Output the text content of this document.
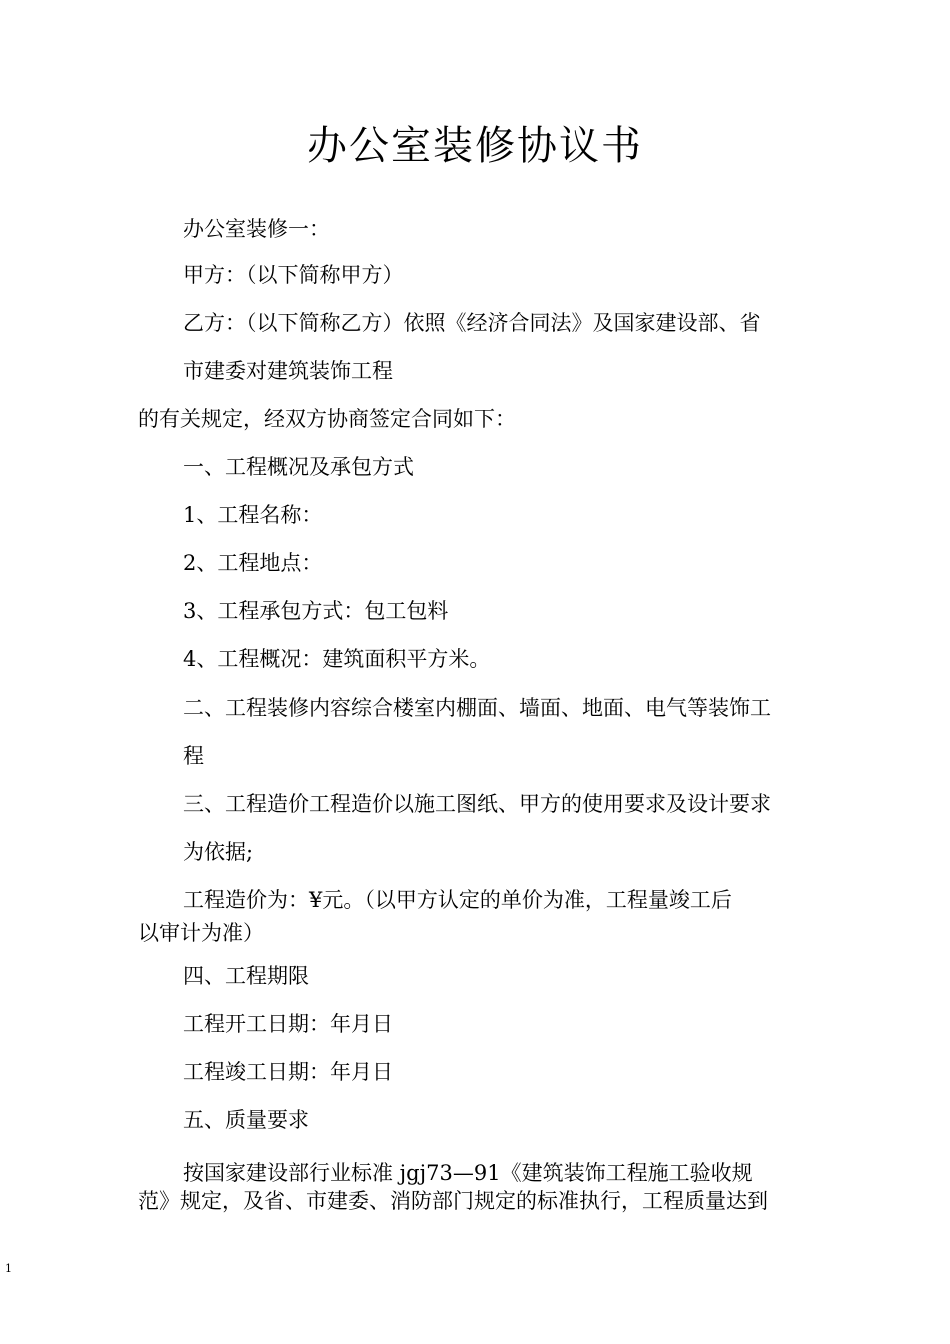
办公室装修协议书
办公室装修一：
甲方：（以下简称甲方）
乙方：（以下简称乙方）依照《经济合同法》及国家建设部、省
市建委对建筑装饰工程
的有关规定，经双方协商签定合同如下：
一、工程概况及承包方式
1、工程名称：
2、工程地点：
3、工程承包方式：包工包料
4、工程概况：建筑面积平方米。
二、工程装修内容综合楼室内棚面、墙面、地面、电气等装饰工
程
三、工程造价工程造价以施工图纸、甲方的使用要求及设计要求
为依据;
工程造价为：¥元。（以甲方认定的单价为准，工程量竣工后
以审计为准）
四、工程期限
工程开工日期：年月日
工程竣工日期：年月日
五、质量要求
按国家建设部行业标准 jgj73—91《建筑装饰工程施工验收规
范》规定，及省、市建委、消防部门规定的标准执行，工程质量达到
1
